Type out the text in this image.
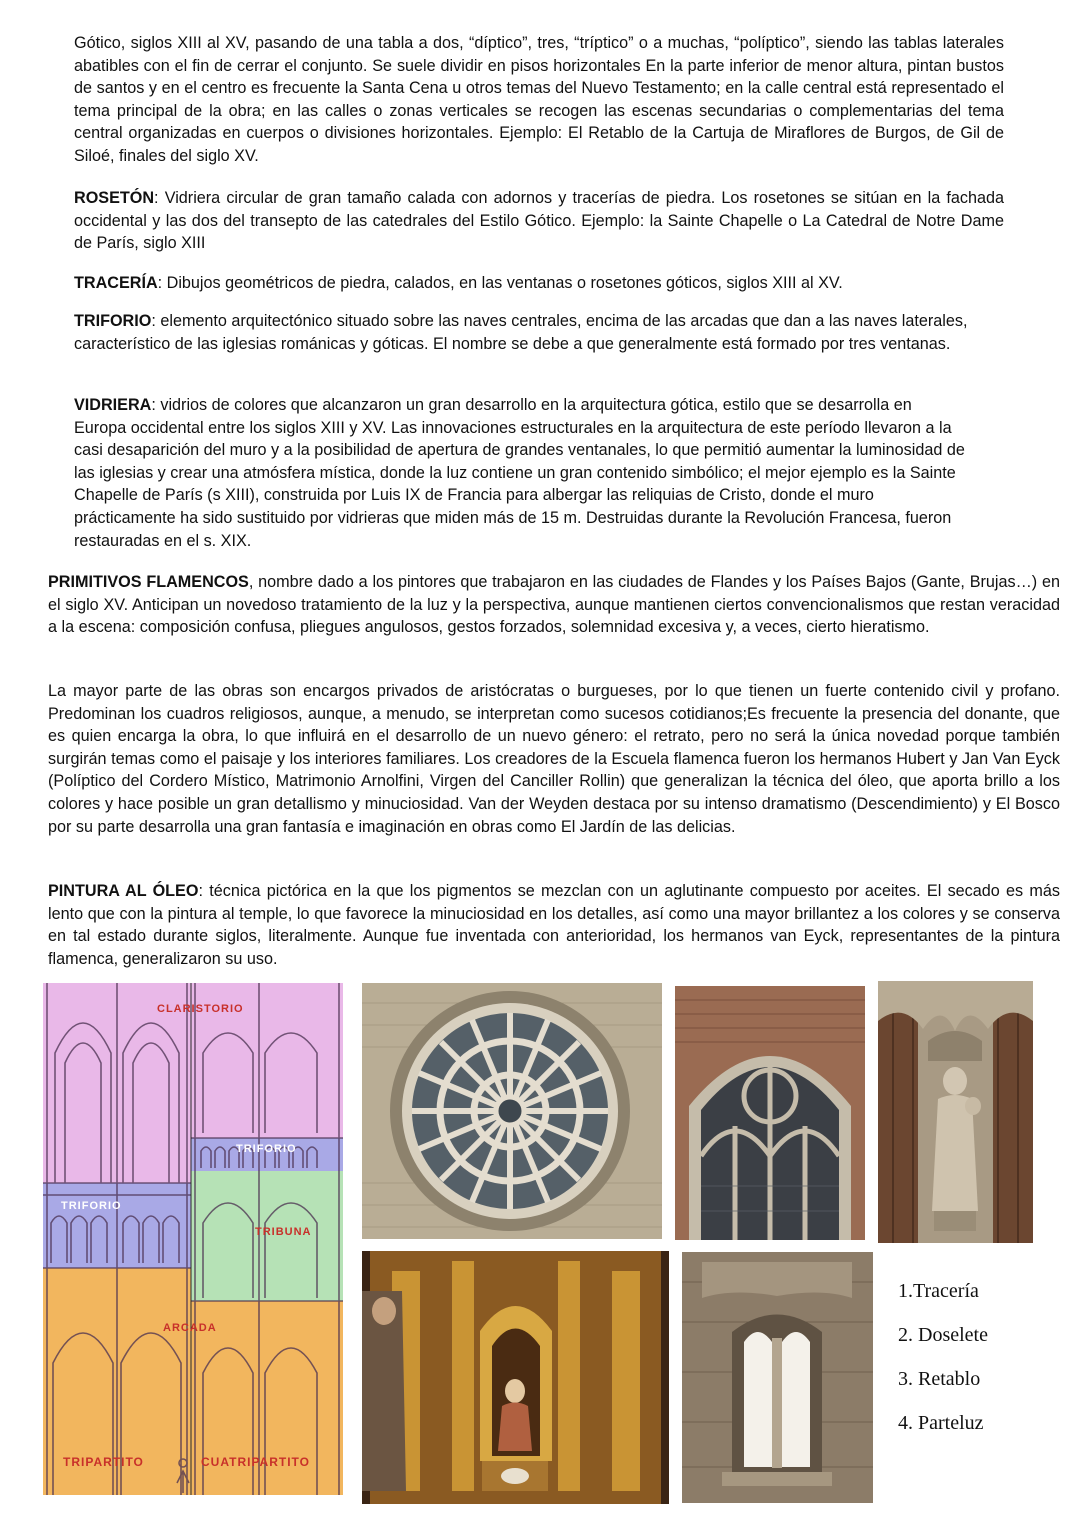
Gótico, siglos XIII al XV, pasando de una tabla a dos, “díptico”, tres, “tríptico” o a muchas, “políptico”, siendo las tablas laterales abatibles con el fin de cerrar el conjunto. Se suele dividir en pisos horizontales En la parte inferior de menor altura, pintan bustos de santos y en el centro es frecuente la Santa Cena u otros temas del Nuevo Testamento; en la calle central está representado el tema principal de la obra; en las calles o zonas verticales se recogen las escenas secundarias o complementarias del tema central organizadas en cuerpos o divisiones horizontales. Ejemplo: El Retablo de la Cartuja de Miraflores de Burgos, de Gil de Siloé, finales del siglo XV.

ROSETÓN: Vidriera circular de gran tamaño calada con adornos y tracerías de piedra. Los rosetones se sitúan en la fachada occidental y las dos del transepto de las catedrales del Estilo Gótico. Ejemplo: la Sainte Chapelle o La Catedral de Notre Dame de París, siglo XIII

TRACERÍA: Dibujos geométricos de piedra, calados, en las ventanas o rosetones góticos, siglos XIII al XV.

TRIFORIO: elemento arquitectónico situado sobre las naves centrales, encima de las arcadas que dan a las naves laterales, característico de las iglesias románicas y góticas. El nombre se debe a que generalmente está formado por tres ventanas.

VIDRIERA: vidrios de colores que alcanzaron un gran desarrollo en la arquitectura gótica, estilo que se desarrolla en Europa occidental entre los siglos XIII y XV. Las innovaciones estructurales en la arquitectura de este período llevaron a la casi desaparición del muro y a la posibilidad de apertura de grandes ventanales, lo que permitió aumentar la luminosidad de las iglesias y crear una atmósfera mística, donde la luz contiene un gran contenido simbólico; el mejor ejemplo es la Sainte Chapelle de París (s XIII), construida por Luis IX de Francia para albergar las reliquias de Cristo, donde el muro prácticamente ha sido sustituido por vidrieras que miden más de 15 m. Destruidas durante la Revolución Francesa, fueron restauradas en el s. XIX.

PRIMITIVOS FLAMENCOS, nombre dado a los pintores que trabajaron en las ciudades de Flandes y los Países Bajos (Gante, Brujas…) en el siglo XV. Anticipan un novedoso tratamiento de la luz y la perspectiva, aunque mantienen ciertos convencionalismos que restan veracidad a la escena: composición confusa, pliegues angulosos, gestos forzados, solemnidad excesiva y, a veces, cierto hieratismo.

La mayor parte de las obras son encargos privados de aristócratas o burgueses, por lo que tienen un fuerte contenido civil y profano. Predominan los cuadros religiosos, aunque, a menudo, se interpretan como sucesos cotidianos;Es frecuente la presencia del donante, que es quien encarga la obra, lo que influirá en el desarrollo de un nuevo género: el retrato, pero no será la única novedad porque también surgirán temas como el paisaje y los interiores familiares. Los creadores de la Escuela flamenca fueron los hermanos Hubert y Jan Van Eyck (Políptico del Cordero Místico, Matrimonio Arnolfini, Virgen del Canciller Rollin) que generalizan la técnica del óleo, que aporta brillo a los colores y hace posible un gran detallismo y minuciosidad. Van der Weyden destaca por su intenso dramatismo (Descendimiento) y El Bosco por su parte desarrolla una gran fantasía e imaginación en obras como El Jardín de las delicias.

PINTURA AL ÓLEO: técnica pictórica en la que los pigmentos se mezclan con un aglutinante compuesto por aceites. El secado es más lento que con la pintura al temple, lo que favorece la minuciosidad en los detalles, así como una mayor brillantez a los colores y se conserva en tal estado durante siglos, literalmente. Aunque fue inventada con anterioridad, los hermanos van Eyck, representantes de la pintura flamenca, generalizaron su uso.

CLARISTORIO
TRIFORIO
TRIFORIO
TRIBUNA
ARCADA
TRIPARTITO	CUATRIPARTITO
1.Tracería
2. Doselete
3. Retablo
4. Parteluz
